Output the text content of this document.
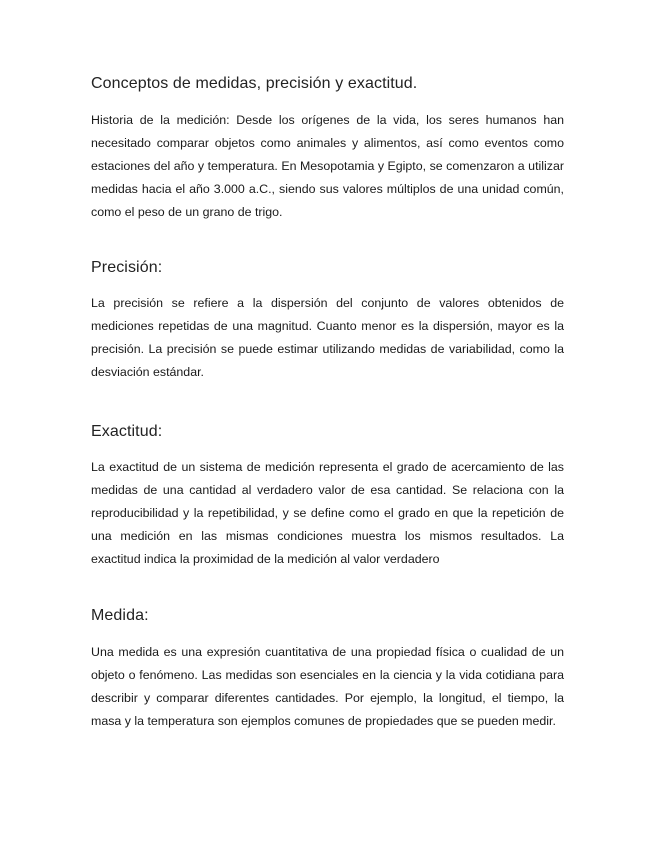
Conceptos de medidas, precisión y exactitud.

Historia de la medición: Desde los orígenes de la vida, los seres humanos han necesitado comparar objetos como animales y alimentos, así como eventos como estaciones del año y temperatura. En Mesopotamia y Egipto, se comenzaron a utilizar medidas hacia el año 3.000 a.C., siendo sus valores múltiplos de una unidad común, como el peso de un grano de trigo.

Precisión:

La precisión se refiere a la dispersión del conjunto de valores obtenidos de mediciones repetidas de una magnitud. Cuanto menor es la dispersión, mayor es la precisión. La precisión se puede estimar utilizando medidas de variabilidad, como la desviación estándar.

Exactitud:

La exactitud de un sistema de medición representa el grado de acercamiento de las medidas de una cantidad al verdadero valor de esa cantidad. Se relaciona con la reproducibilidad y la repetibilidad, y se define como el grado en que la repetición de una medición en las mismas condiciones muestra los mismos resultados. La exactitud indica la proximidad de la medición al valor verdadero

Medida:

Una medida es una expresión cuantitativa de una propiedad física o cualidad de un objeto o fenómeno. Las medidas son esenciales en la ciencia y la vida cotidiana para describir y comparar diferentes cantidades. Por ejemplo, la longitud, el tiempo, la masa y la temperatura son ejemplos comunes de propiedades que se pueden medir.
